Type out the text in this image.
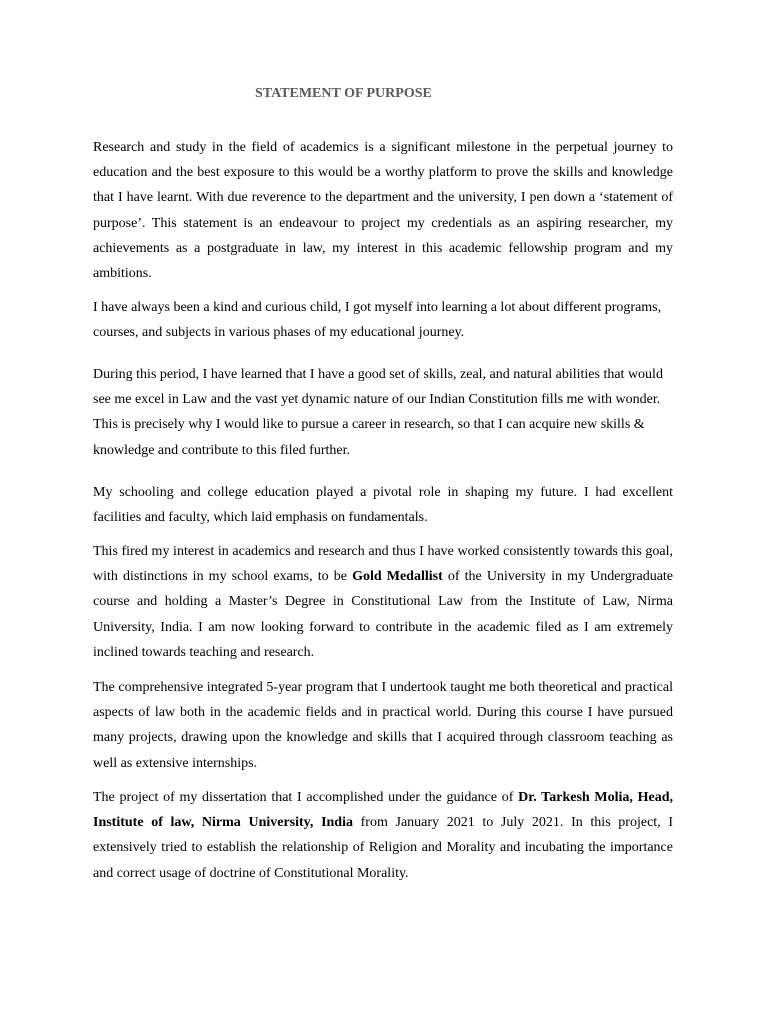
STATEMENT OF PURPOSE

Research and study in the field of academics is a significant milestone in the perpetual journey to education and the best exposure to this would be a worthy platform to prove the skills and knowledge that I have learnt. With due reverence to the department and the university, I pen down a ‘statement of purpose’. This statement is an endeavour to project my credentials as an aspiring researcher, my achievements as a postgraduate in law, my interest in this academic fellowship program and my ambitions.

I have always been a kind and curious child, I got myself into learning a lot about different programs, courses, and subjects in various phases of my educational journey.

During this period, I have learned that I have a good set of skills, zeal, and natural abilities that would see me excel in Law and the vast yet dynamic nature of our Indian Constitution fills me with wonder. This is precisely why I would like to pursue a career in research, so that I can acquire new skills & knowledge and contribute to this filed further.

My schooling and college education played a pivotal role in shaping my future. I had excellent facilities and faculty, which laid emphasis on fundamentals.

This fired my interest in academics and research and thus I have worked consistently towards this goal, with distinctions in my school exams, to be Gold Medallist of the University in my Undergraduate course and holding a Master’s Degree in Constitutional Law from the Institute of Law, Nirma University, India. I am now looking forward to contribute in the academic filed as I am extremely inclined towards teaching and research.

The comprehensive integrated 5-year program that I undertook taught me both theoretical and practical aspects of law both in the academic fields and in practical world. During this course I have pursued many projects, drawing upon the knowledge and skills that I acquired through classroom teaching as well as extensive internships.

The project of my dissertation that I accomplished under the guidance of Dr. Tarkesh Molia, Head, Institute of law, Nirma University, India from January 2021 to July 2021. In this project, I extensively tried to establish the relationship of Religion and Morality and incubating the importance and correct usage of doctrine of Constitutional Morality.
